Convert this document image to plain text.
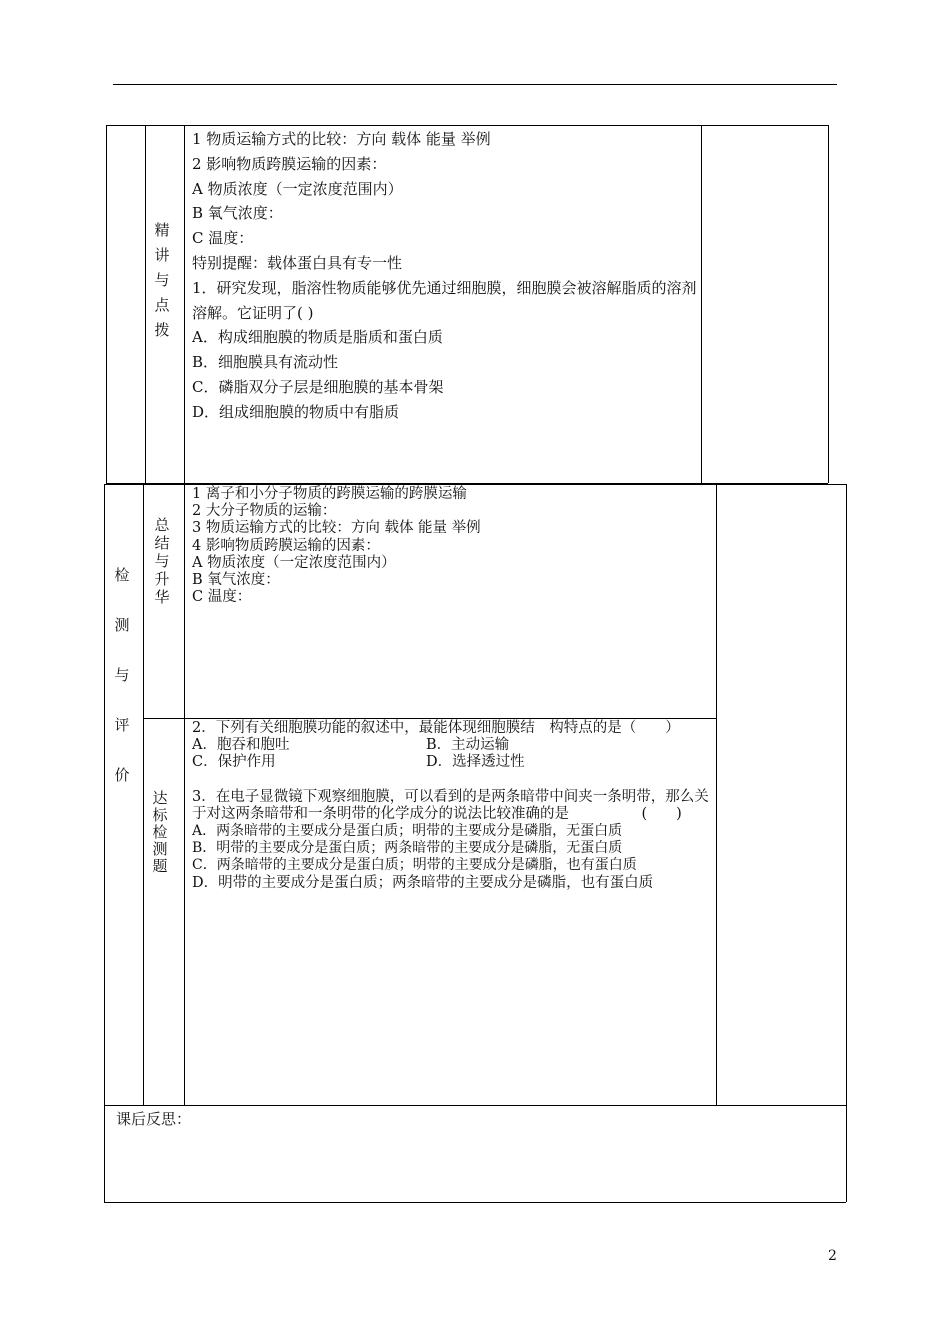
精
讲
与
点
拨

1 物质运输方式的比较：方向 载体 能量 举例

2 影响物质跨膜运输的因素：

A 物质浓度（一定浓度范围内）

B 氧气浓度：

C 温度：

特别提醒：载体蛋白具有专一性

1．研究发现，脂溶性物质能够优先通过细胞膜，细胞膜会被溶解脂质的溶剂溶解。它证明了( )

A．构成细胞膜的物质是脂质和蛋白质

B．细胞膜具有流动性

C．磷脂双分子层是细胞膜的基本骨架

D．组成细胞膜的物质中有脂质

检
测
与
评
价
总
结
与
升
华

1 离子和小分子物质的跨膜运输的跨膜运输

2 大分子物质的运输：

3 物质运输方式的比较：方向 载体 能量 举例

4 影响物质跨膜运输的因素：

A 物质浓度（一定浓度范围内）

B 氧气浓度：

C 温度：

达
标
检
测
题

2．下列有关细胞膜功能的叙述中，最能体现细胞膜结　构特点的是（　　）

A．胞吞和胞吐	B．主动运输

C．保护作用	D．选择透过性

3．在电子显微镜下观察细胞膜，可以看到的是两条暗带中间夹一条明带，那么关于对这两条暗带和一条明带的化学成分的说法比较准确的是　　　　　(　　)

A．两条暗带的主要成分是蛋白质；明带的主要成分是磷脂，无蛋白质

B．明带的主要成分是蛋白质；两条暗带的主要成分是磷脂，无蛋白质

C．两条暗带的主要成分是蛋白质；明带的主要成分是磷脂，也有蛋白质

D．明带的主要成分是蛋白质；两条暗带的主要成分是磷脂，也有蛋白质

课后反思：
2
